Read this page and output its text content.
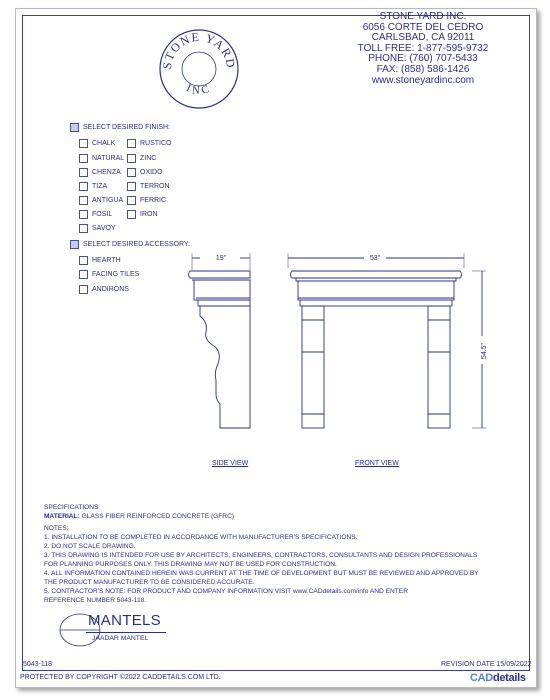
STONE YARD
INC
STONE YARD INC.
6056 CORTE DEL CEDRO
CARLSBAD, CA 92011
TOLL FREE: 1-877-595-9732
PHONE: (760) 707-5433
FAX: (858) 586-1426
www.stoneyardinc.com
SELECT DESIRED FINISH:
CHALK
NATURAL
CHENZA
TIZA
ANTIGUA
FOSIL
SAVOY
RUSTICO
ZINC
OXIDO
TERRON
FERRIC
IRON
SELECT DESIRED ACCESSORY:
HEARTH
FACING TILES
ANDIRONS
19"
SIDE VIEW
53"
54.5"
FRONT VIEW
SPECIFICATIONS
MATERIAL: GLASS FIBER REINFORCED CONCRETE (GFRC)
NOTES:
1. INSTALLATION TO BE COMPLETED IN ACCORDANCE WITH MANUFACTURER'S SPECIFICATIONS.
2. DO NOT SCALE DRAWING.
3. THIS DRAWING IS INTENDED FOR USE BY ARCHITECTS, ENGINEERS, CONTRACTORS, CONSULTANTS AND DESIGN PROFESSIONALS
FOR PLANNING PURPOSES ONLY. THIS DRAWING MAY NOT BE USED FOR CONSTRUCTION.
4. ALL INFORMATION CONTAINED HEREIN WAS CURRENT AT THE TIME OF DEVELOPMENT BUT MUST BE REVIEWED AND APPROVED BY
THE PRODUCT MANUFACTURER TO BE CONSIDERED ACCURATE.
5. CONTRACTOR'S NOTE: FOR PRODUCT AND COMPANY INFORMATION VISIT www.CADdetails.com/info AND ENTER
REFERENCE NUMBER 5043-118.
MANTELS
JAADAR MANTEL
5043-118	REVISION DATE 15/09/2022
PROTECTED BY COPYRIGHT ©2022 CADDETAILS.COM LTD.	CADdetails
